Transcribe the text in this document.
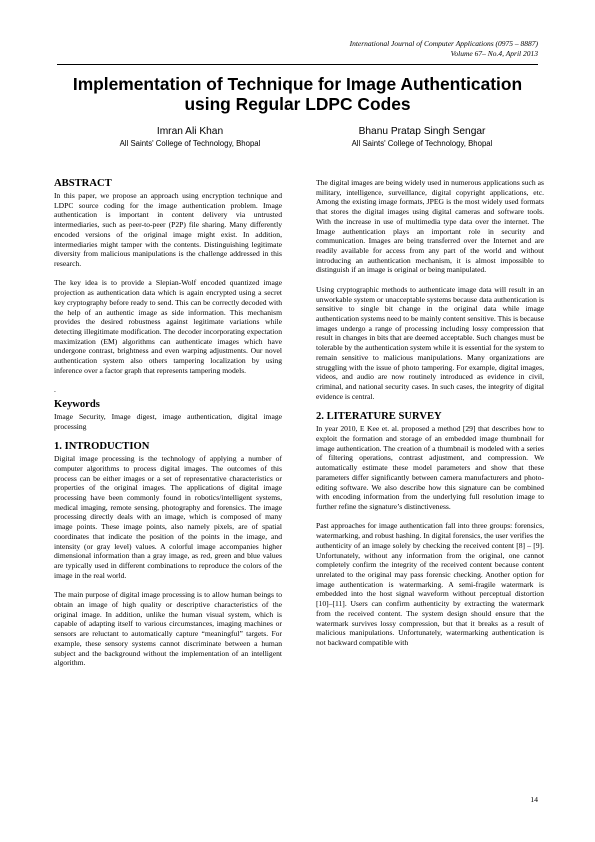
International Journal of Computer Applications (0975 – 8887)
Volume 67– No.4, April 2013
Implementation of Technique for Image Authentication
using Regular LDPC Codes
Imran Ali Khan
All Saints' College of Technology, Bhopal
Bhanu Pratap Singh Sengar
All Saints' College of Technology, Bhopal
ABSTRACT

In this paper, we propose an approach using encryption technique and LDPC source coding for the image authentication problem. Image authentication is important in content delivery via untrusted intermediaries, such as peer-to-peer (P2P) file sharing. Many differently encoded versions of the original image might exist. In addition, intermediaries might tamper with the contents. Distinguishing legitimate diversity from malicious manipulations is the challenge addressed in this research.

The key idea is to provide a Slepian-Wolf encoded quantized image projection as authentication data which is again encrypted using a secret key cryptography before ready to send. This can be correctly decoded with the help of an authentic image as side information. This mechanism provides the desired robustness against legitimate variations while detecting illegitimate modification. The decoder incorporating expectation maximization (EM) algorithms can authenticate images which have undergone contrast, brightness and even warping adjustments. Our novel authentication system also others tampering localization by using inference over a factor graph that represents tampering models.

.
Keywords

Image Security, Image digest, image authentication, digital image processing

1. INTRODUCTION

Digital image processing is the technology of applying a number of computer algorithms to process digital images. The outcomes of this process can be either images or a set of representative characteristics or properties of the original images. The applications of digital image processing have been commonly found in robotics/intelligent systems, medical imaging, remote sensing, photography and forensics. The image processing directly deals with an image, which is composed of many image points. These image points, also namely pixels, are of spatial coordinates that indicate the position of the points in the image, and intensity (or gray level) values. A colorful image accompanies higher dimensional information than a gray image, as red, green and blue values are typically used in different combinations to reproduce the colors of the image in the real world.

The main purpose of digital image processing is to allow human beings to obtain an image of high quality or descriptive characteristics of the original image. In addition, unlike the human visual system, which is capable of adapting itself to various circumstances, imaging machines or sensors are reluctant to automatically capture “meaningful” targets. For example, these sensory systems cannot discriminate between a human subject and the background without the implementation of an intelligent algorithm.

The digital images are being widely used in numerous applications such as military, intelligence, surveillance, digital copyright applications, etc. Among the existing image formats, JPEG is the most widely used formats that stores the digital images using digital cameras and software tools. With the increase in use of multimedia type data over the internet. The Image authentication plays an important role in security and communication. Images are being transferred over the Internet and are readily available for access from any part of the world and without introducing an authentication mechanism, it is almost impossible to distinguish if an image is original or being manipulated.

Using cryptographic methods to authenticate image data will result in an unworkable system or unacceptable systems because data authentication is sensitive to single bit change in the original data while image authentication systems need to be mainly content sensitive. This is because images undergo a range of processing including lossy compression that result in changes in bits that are deemed acceptable. Such changes must be tolerable by the authentication system while it is essential for the system to remain sensitive to malicious manipulations. Many organizations are struggling with the issue of photo tampering. For example, digital images, videos, and audio are now routinely introduced as evidence in civil, criminal, and national security cases. In such cases, the integrity of digital evidence is central.

2. LITERATURE SURVEY

In year 2010, E Kee et. al. proposed a method [29] that describes how to exploit the formation and storage of an embedded image thumbnail for image authentication. The creation of a thumbnail is modeled with a series of filtering operations, contrast adjustment, and compression. We automatically estimate these model parameters and show that these parameters differ significantly between camera manufacturers and photo-editing software. We also describe how this signature can be combined with encoding information from the underlying full resolution image to further refine the signature’s distinctiveness.

Past approaches for image authentication fall into three groups: forensics, watermarking, and robust hashing. In digital forensics, the user verifies the authenticity of an image solely by checking the received content [8] – [9]. Unfortunately, without any information from the original, one cannot completely confirm the integrity of the received content because content unrelated to the original may pass forensic checking. Another option for image authentication is watermarking. A semi-fragile watermark is embedded into the host signal waveform without perceptual distortion [10]–[11]. Users can confirm authenticity by extracting the watermark from the received content. The system design should ensure that the watermark survives lossy compression, but that it breaks as a result of malicious manipulations. Unfortunately, watermarking authentication is not backward compatible with

14
